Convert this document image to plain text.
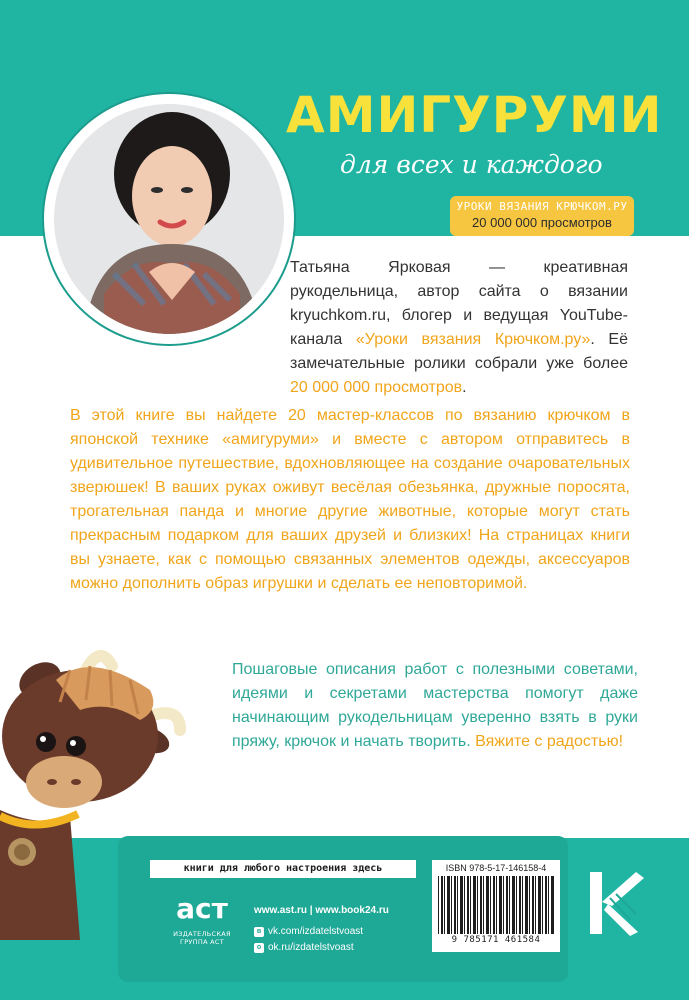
АМИГУРУМИ
для всех и каждого
УРОКИ ВЯЗАНИЯ КРЮЧКОМ.РУ
20 000 000 просмотров

Татьяна Ярковая — креативная рукодельница, автор сайта о вязании kryuchkom.ru, блогер и ведущая YouTube-канала «Уроки вязания Крючком.ру». Её замечательные ролики собрали уже более 20 000 000 просмотров.

В этой книге вы найдете 20 мастер-классов по вязанию крючком в японской технике «амигуруми» и вместе с автором отправитесь в удивительное путешествие, вдохновляющее на создание очаровательных зверюшек! В ваших руках оживут весёлая обезьянка, дружные поросята, трогательная панда и многие другие животные, которые могут стать прекрасным подарком для ваших друзей и близких! На страницах книги вы узнаете, как с помощью связанных элементов одежды, аксессуаров можно дополнить образ игрушки и сделать ее неповторимой.

Пошаговые описания работ с полезными советами, идеями и секретами мастерства помогут даже начинающим рукодельницам уверенно взять в руки пряжу, крючок и начать творить. Вяжите с радостью!

книги для любого настроения здесь
аст
ИЗДАТЕЛЬСКАЯ ГРУППА АСТ
www.ast.ru | www.book24.ru
в vk.com/izdatelstvoast
о ok.ru/izdatelstvoast
ISBN 978-5-17-146158-4
9 785171 461584
